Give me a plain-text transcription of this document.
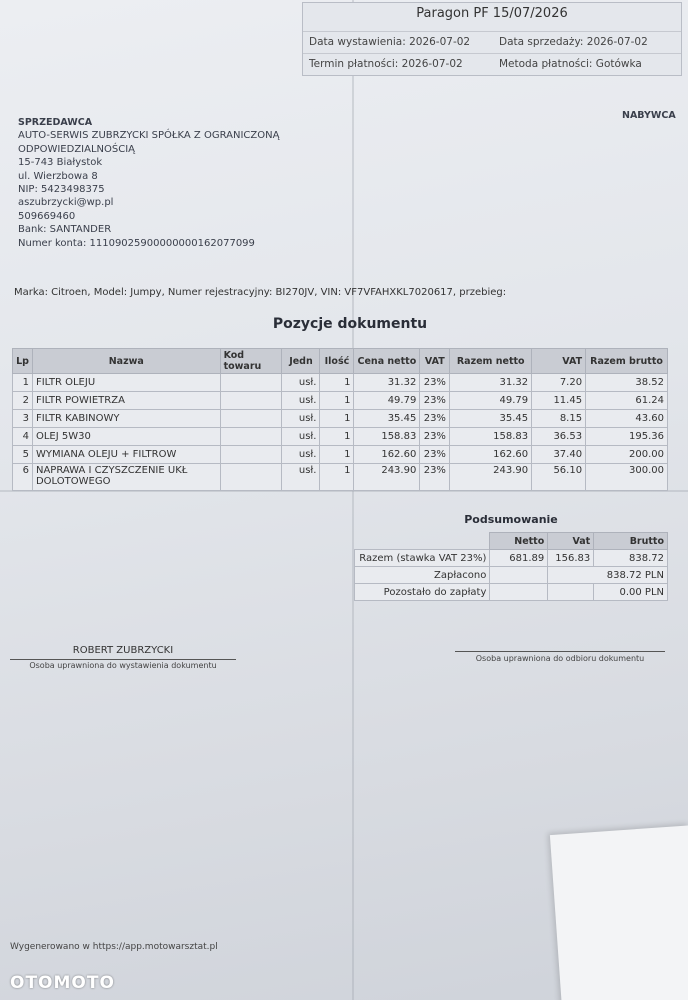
Paragon PF 15/07/2026
Data wystawienia: 2026-07-02	Data sprzedaży: 2026-07-02
Termin płatności: 2026-07-02	Metoda płatności: Gotówka
SPRZEDAWCA
AUTO-SERWIS ZUBRZYCKI SPÓŁKA Z OGRANICZONĄ
ODPOWIEDZIALNOŚCIĄ
15-743 Białystok
ul. Wierzbowa 8
NIP: 5423498375
aszubrzycki@wp.pl
509669460
Bank: SANTANDER
Numer konta: 11109025900000000162077099
NABYWCA
Marka: Citroen, Model: Jumpy, Numer rejestracyjny: BI270JV, VIN: VF7VFAHXKL7020617, przebieg:
Pozycje dokumentu
Lp	Nazwa	Kod towaru	Jedn	Ilość	Cena netto	VAT	Razem netto	VAT	Razem brutto
1	FILTR OLEJU		usł.	1	31.32	23%	31.32	7.20	38.52
2	FILTR POWIETRZA		usł.	1	49.79	23%	49.79	11.45	61.24
3	FILTR KABINOWY		usł.	1	35.45	23%	35.45	8.15	43.60
4	OLEJ 5W30		usł.	1	158.83	23%	158.83	36.53	195.36
5	WYMIANA OLEJU + FILTROW		usł.	1	162.60	23%	162.60	37.40	200.00
6	NAPRAWA I CZYSZCZENIE UKŁ DOLOTOWEGO		usł.	1	243.90	23%	243.90	56.10	300.00
Podsumowanie
	Netto	Vat	Brutto
Razem (stawka VAT 23%)	681.89	156.83	838.72
Zapłacono		838.72 PLN	
Pozostało do zapłaty			0.00 PLN
ROBERT ZUBRZYCKI
Osoba uprawniona do wystawienia dokumentu
Osoba uprawniona do odbioru dokumentu
Wygenerowano w https://app.motowarsztat.pl
OTOMOTO
